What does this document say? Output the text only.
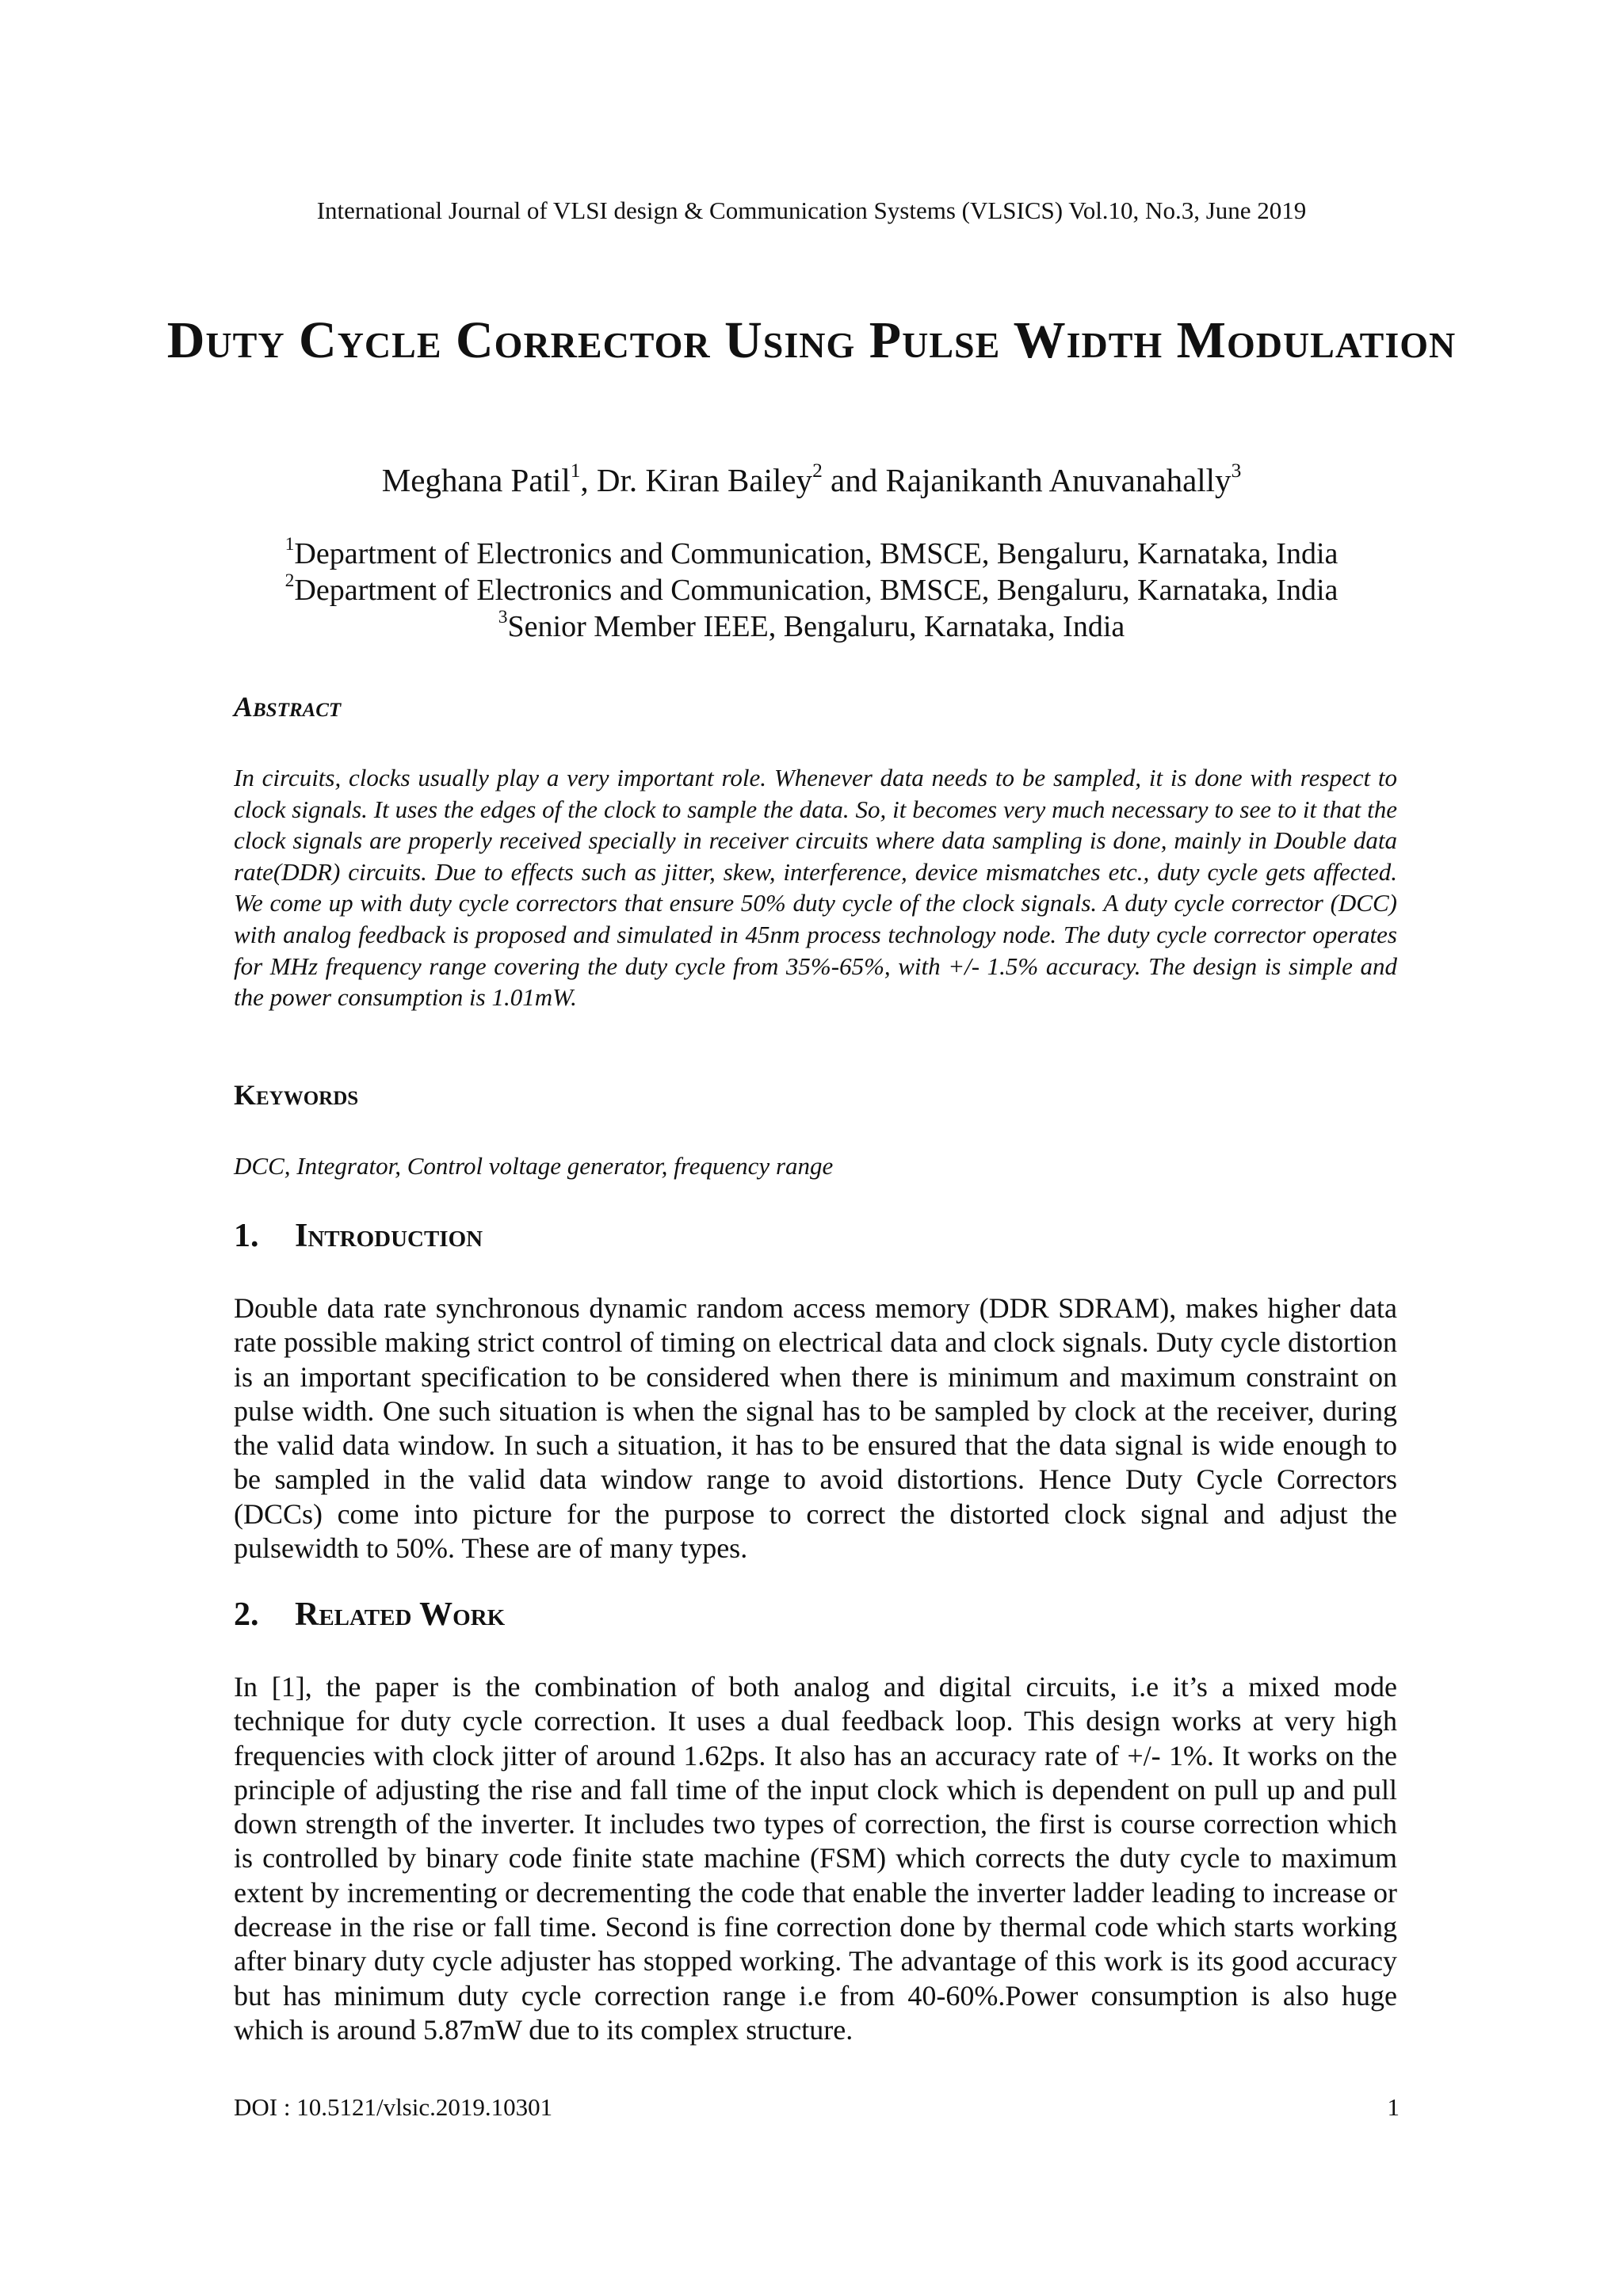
International Journal of VLSI design & Communication Systems (VLSICS) Vol.10, No.3, June 2019
Duty Cycle Corrector Using Pulse Width Modulation
Meghana Patil$^1$, Dr. Kiran Bailey$^2$ and Rajanikanth Anuvanahally$^3$
$^1$Department of Electronics and Communication, BMSCE, Bengaluru, Karnataka, India
$^2$Department of Electronics and Communication, BMSCE, Bengaluru, Karnataka, India
$^3$Senior Member IEEE, Bengaluru, Karnataka, India
Abstract
In circuits, clocks usually play a very important role. Whenever data needs to be sampled, it is done with respect to clock signals. It uses the edges of the clock to sample the data. So, it becomes very much necessary to see to it that the clock signals are properly received specially in receiver circuits where data sampling is done, mainly in Double data rate(DDR) circuits. Due to effects such as jitter, skew, interference, device mismatches etc., duty cycle gets affected. We come up with duty cycle correctors that ensure 50% duty cycle of the clock signals. A duty cycle corrector (DCC) with analog feedback is proposed and simulated in 45nm process technology node. The duty cycle corrector operates for MHz frequency range covering the duty cycle from 35%-65%, with +/- 1.5% accuracy. The design is simple and the power consumption is 1.01mW.
Keywords
DCC, Integrator, Control voltage generator, frequency range
1. Introduction
Double data rate synchronous dynamic random access memory (DDR SDRAM), makes higher data rate possible making strict control of timing on electrical data and clock signals. Duty cycle distortion is an important specification to be considered when there is minimum and maximum constraint on pulse width. One such situation is when the signal has to be sampled by clock at the receiver, during the valid data window. In such a situation, it has to be ensured that the data signal is wide enough to be sampled in the valid data window range to avoid distortions. Hence Duty Cycle Correctors (DCCs) come into picture for the purpose to correct the distorted clock signal and adjust the pulsewidth to 50%. These are of many types.
2. Related Work
In [1], the paper is the combination of both analog and digital circuits, i.e it’s a mixed mode technique for duty cycle correction. It uses a dual feedback loop. This design works at very high frequencies with clock jitter of around 1.62ps. It also has an accuracy rate of +/- 1%. It works on the principle of adjusting the rise and fall time of the input clock which is dependent on pull up and pull down strength of the inverter. It includes two types of correction, the first is course correction which is controlled by binary code finite state machine (FSM) which corrects the duty cycle to maximum extent by incrementing or decrementing the code that enable the inverter ladder leading to increase or decrease in the rise or fall time. Second is fine correction done by thermal code which starts working after binary duty cycle adjuster has stopped working. The advantage of this work is its good accuracy but has minimum duty cycle correction range i.e from 40-60%.Power consumption is also huge which is around 5.87mW due to its complex structure.
DOI : 10.5121/vlsic.2019.10301	1
